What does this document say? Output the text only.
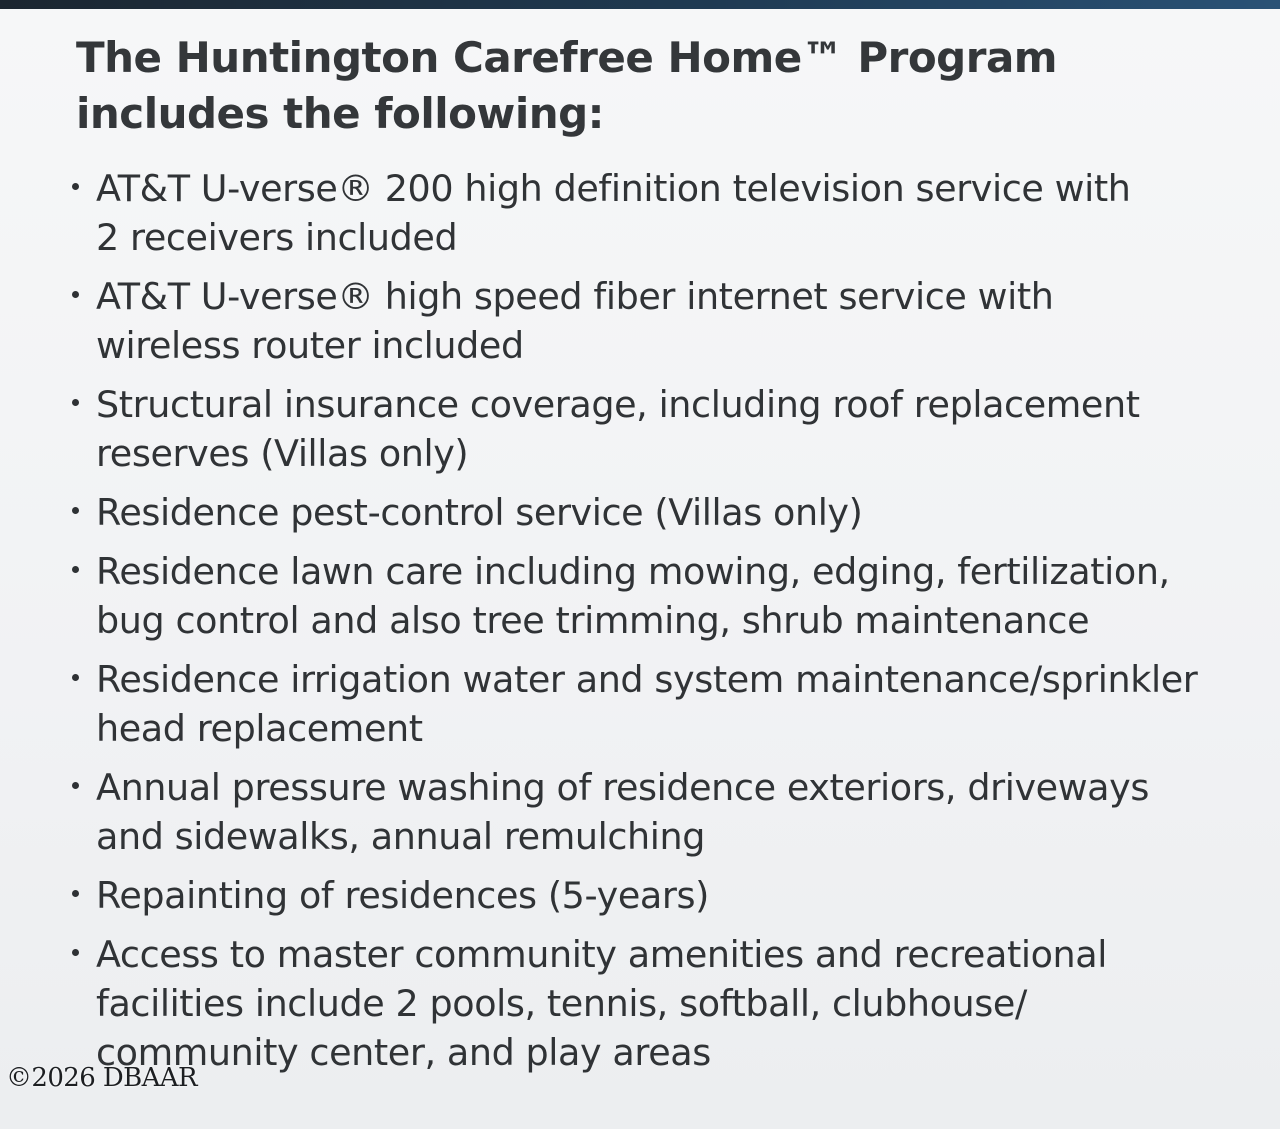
The Huntington Carefree Home™ Program
includes the following:
AT&T U-verse® 200 high definition television service with
2 receivers included
AT&T U-verse® high speed fiber internet service with
wireless router included
Structural insurance coverage, including roof replacement
reserves (Villas only)
Residence pest-control service (Villas only)
Residence lawn care including mowing, edging, fertilization,
bug control and also tree trimming, shrub maintenance
Residence irrigation water and system maintenance/sprinkler
head replacement
Annual pressure washing of residence exteriors, driveways
and sidewalks, annual remulching
Repainting of residences (5-years)
Access to master community amenities and recreational
facilities include 2 pools, tennis, softball, clubhouse/
community center, and play areas
©2026 DBAAR
